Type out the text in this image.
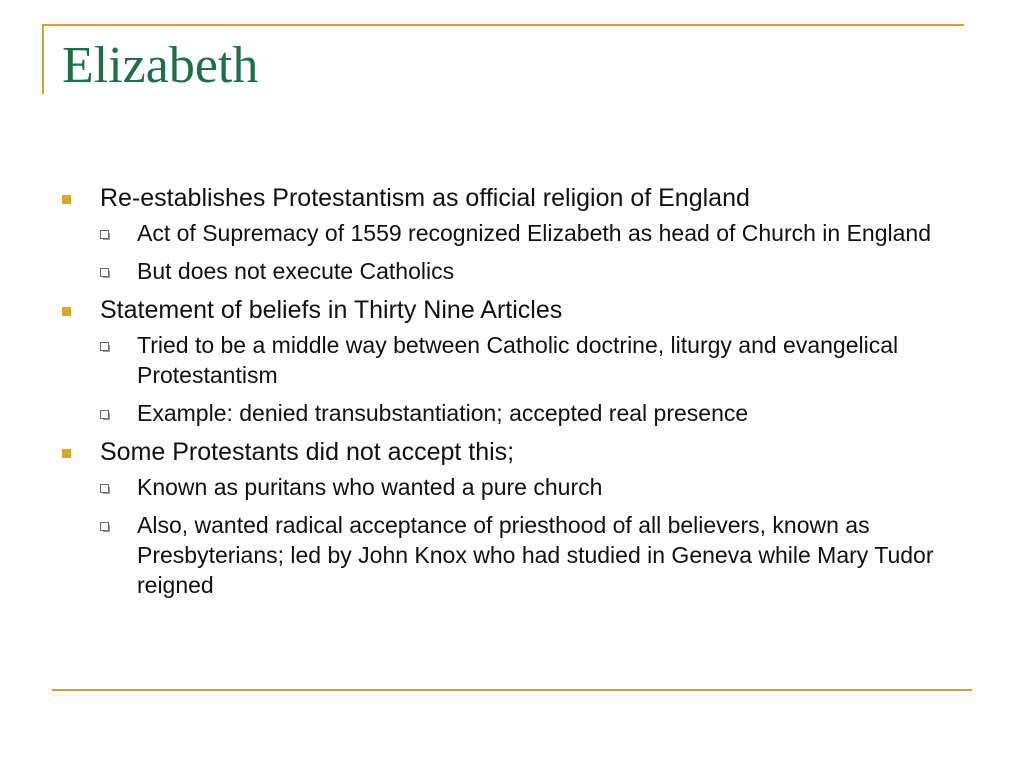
Elizabeth
Re-establishes Protestantism as official religion of England
Act of Supremacy of 1559 recognized Elizabeth as head of Church in England
But does not execute Catholics
Statement of beliefs in Thirty Nine Articles
Tried to be a middle way between Catholic doctrine, liturgy and evangelical Protestantism
Example: denied transubstantiation; accepted real presence
Some Protestants did not accept this;
Known as puritans who wanted a pure church
Also, wanted radical acceptance of priesthood of all believers, known as Presbyterians; led by John Knox who had studied in Geneva while Mary Tudor reigned
